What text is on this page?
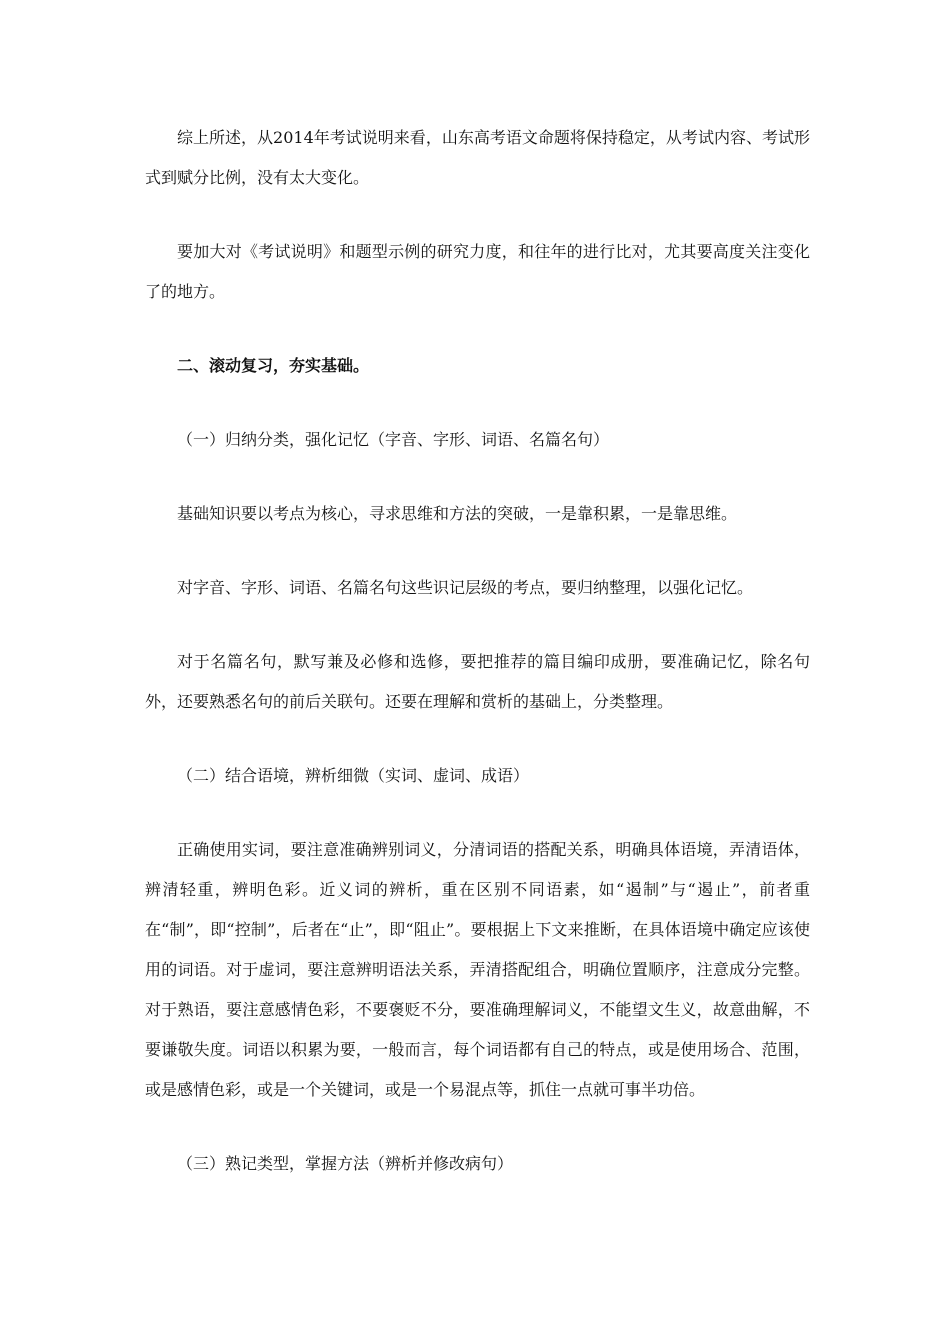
综上所述，从2014年考试说明来看，山东高考语文命题将保持稳定，从考试内容、考试形式到赋分比例，没有太大变化。

要加大对《考试说明》和题型示例的研究力度，和往年的进行比对，尤其要高度关注变化了的地方。

二、滚动复习，夯实基础。

（一）归纳分类，强化记忆（字音、字形、词语、名篇名句）

基础知识要以考点为核心，寻求思维和方法的突破，一是靠积累，一是靠思维。

对字音、字形、词语、名篇名句这些识记层级的考点，要归纳整理，以强化记忆。

对于名篇名句，默写兼及必修和选修，要把推荐的篇目编印成册，要准确记忆，除名句外，还要熟悉名句的前后关联句。还要在理解和赏析的基础上，分类整理。

（二）结合语境，辨析细微（实词、虚词、成语）

正确使用实词，要注意准确辨别词义，分清词语的搭配关系，明确具体语境，弄清语体，辨清轻重，辨明色彩。近义词的辨析，重在区别不同语素，如“遏制”与“遏止”，前者重在“制”，即“控制”，后者在“止”，即“阻止”。要根据上下文来推断，在具体语境中确定应该使用的词语。对于虚词，要注意辨明语法关系，弄清搭配组合，明确位置顺序，注意成分完整。对于熟语，要注意感情色彩，不要褒贬不分，要准确理解词义，不能望文生义，故意曲解，不要谦敬失度。词语以积累为要，一般而言，每个词语都有自己的特点，或是使用场合、范围，或是感情色彩，或是一个关键词，或是一个易混点等，抓住一点就可事半功倍。

（三）熟记类型，掌握方法（辨析并修改病句）
